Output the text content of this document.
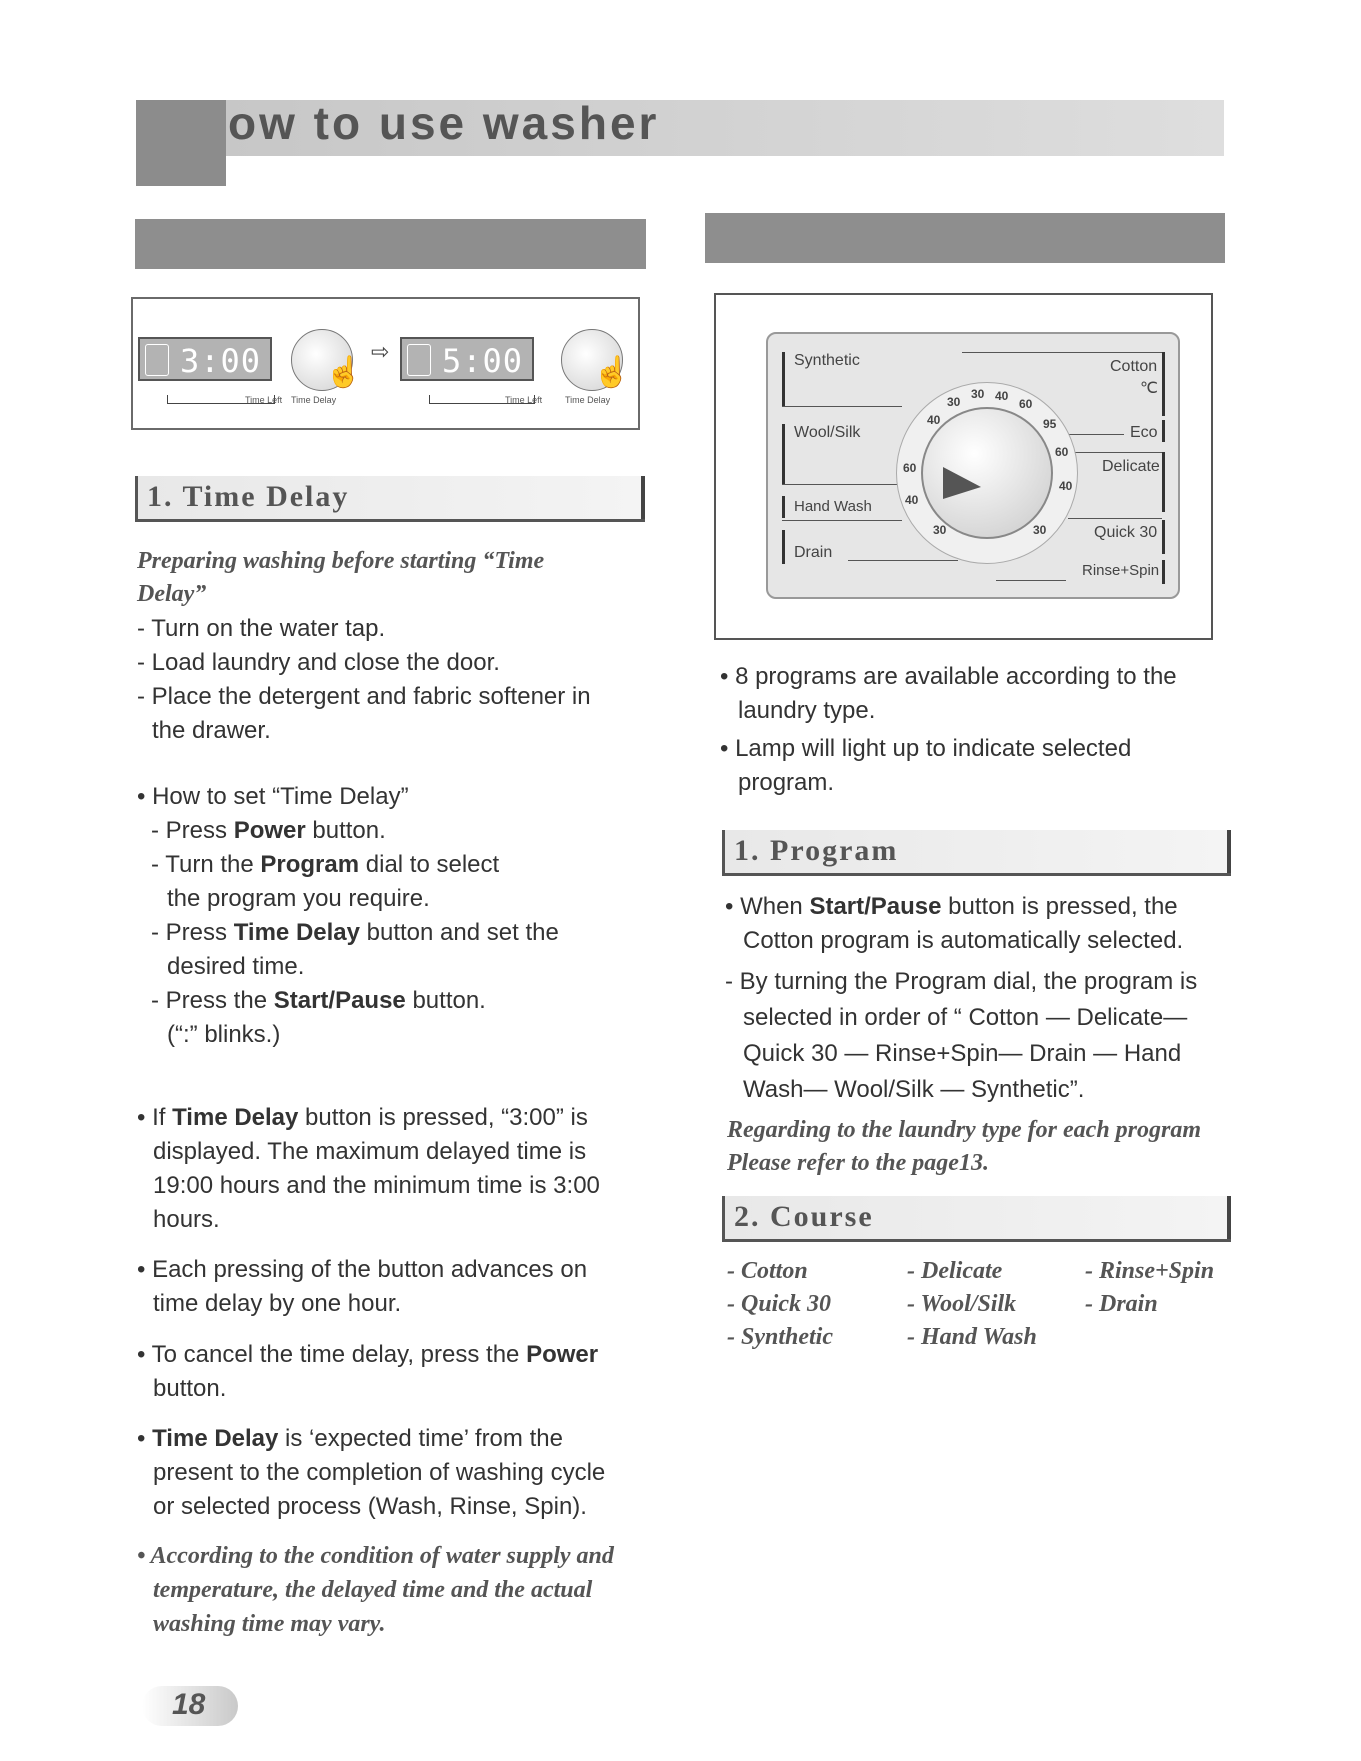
ow to use washer
3:00
Time Left Time Delay
☝
⇨ 5:00
Time Left	Time Delay
☝
1. Time Delay
Preparing washing before starting “Time Delay”
- Turn on the water tap.
- Load laundry and close the door.
- Place the detergent and fabric softener in
the drawer.
• How to set “Time Delay”
- Press Power button.
- Turn the Program dial to select
the program you require.
- Press Time Delay button and set the
desired time.
- Press the Start/Pause button.
(“:” blinks.)
• If Time Delay button is pressed, “3:00” is
displayed. The maximum delayed time is
19:00 hours and the minimum time is 3:00
hours.
• Each pressing of the button advances on
time delay by one hour.
• To cancel the time delay, press the Power
button.
• Time Delay is ‘expected time’ from the
present to the completion of washing cycle
or selected process (Wash, Rinse, Spin).
• According to the condition of water supply and
temperature, the delayed time and the actual
washing time may vary.
Synthetic
Wool/Silk
Hand Wash
Drain
Cotton
℃
Eco
Delicate
Quick 30
Rinse+Spin
40
30
30 40
60
95
60
40
30
30
40
60
• 8 programs are available according to the
laundry type.
• Lamp will light up to indicate selected
program.
1. Program
• When Start/Pause button is pressed, the
Cotton program is automatically selected.
- By turning the Program dial, the program is
selected in order of “ Cotton — Delicate—
Quick 30 — Rinse+Spin— Drain — Hand
Wash— Wool/Silk — Synthetic”.
Regarding to the laundry type for each program
Please refer to the page13.
2. Course
- Cotton	- Delicate	- Rinse+Spin
- Quick 30	- Wool/Silk	- Drain
- Synthetic	- Hand Wash
18
